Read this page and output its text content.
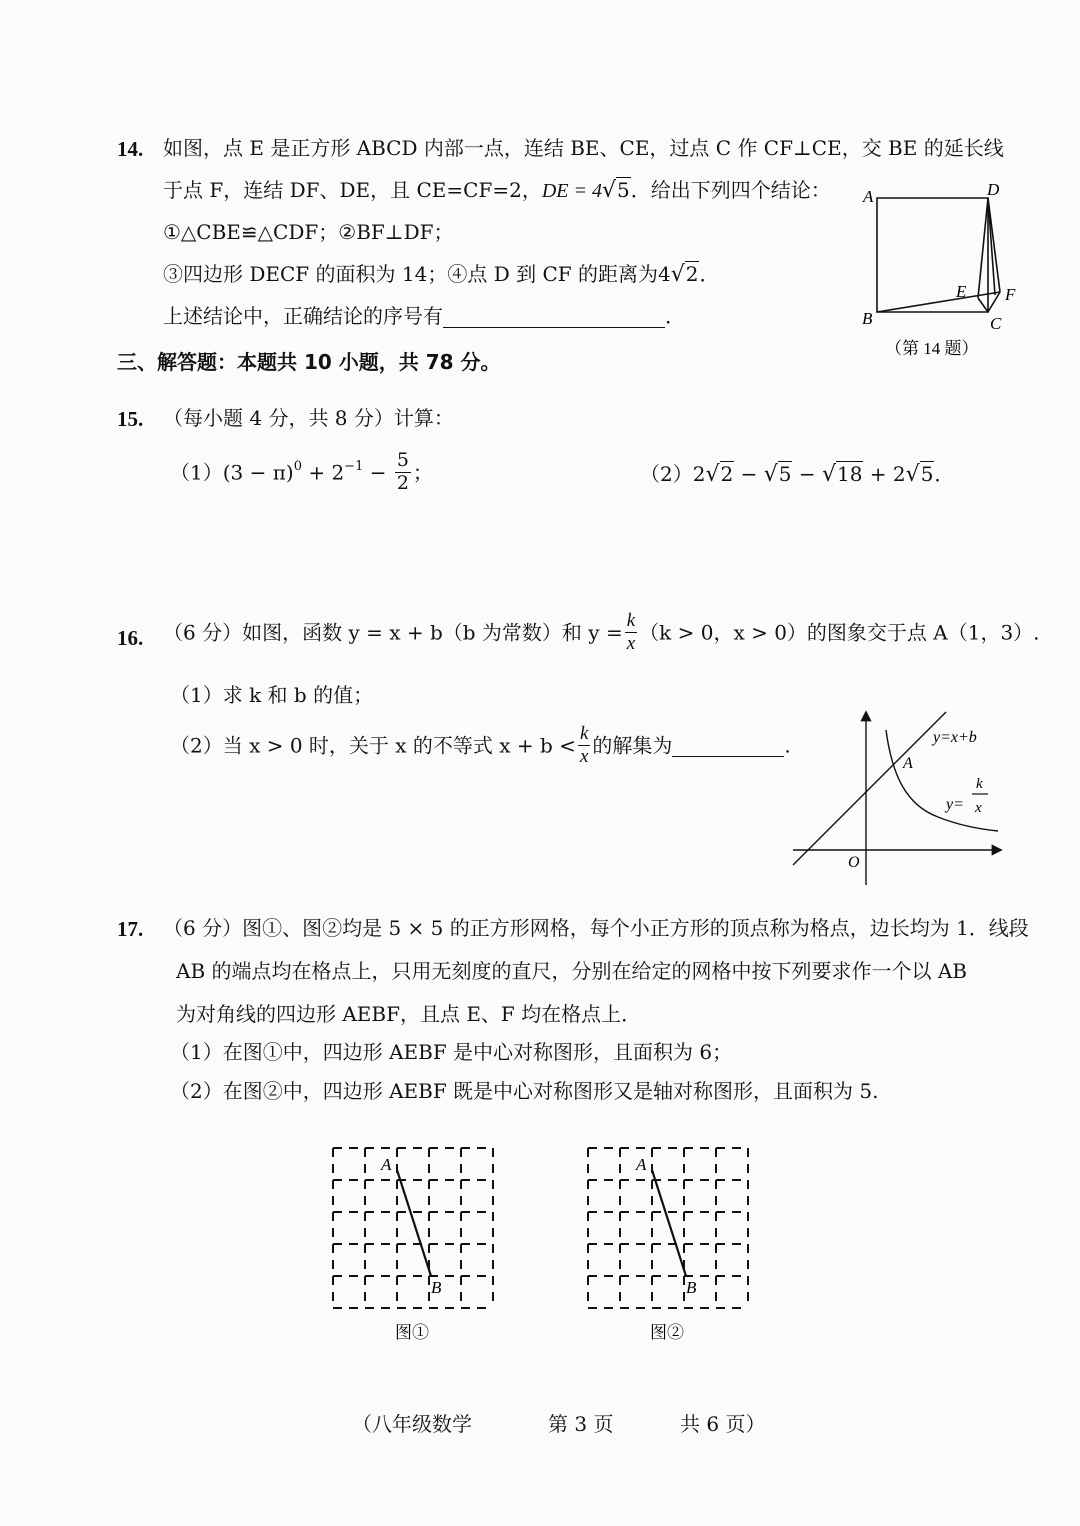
14. 如图，点 E 是正方形 ABCD 内部一点，连结 BE、CE，过点 C 作 CF⊥CE，交 BE 的延长线
于点 F，连结 DF、DE，且 CE=CF=2，DE = 4√5．给出下列四个结论：
①△CBE≌△CDF；②BF⊥DF；
③四边形 DECF 的面积为 14；④点 D 到 CF 的距离为4√2．
上述结论中，正确结论的序号有	．
A	D
B	C
E F
（第 14 题）
三、解答题：本题共 10 小题，共 78 分。
15. （每小题 4 分，共 8 分）计算：
$(1)(3 - \pi)^0 + 2^{-1} - \frac{5}{2}$ ；	（2）2√2 − √5 − √18 + 2√5．
16. （6 分）如图，函数 y = x + b（b 为常数）和 $y = \frac{k}{x} (k > 0$，x > 0）的图象交于点 A（1，3）.
（1）求 k 和 b 的值；
（2）当 x > 0 时，关于 x 的不等式 $x + b < \frac{k}{x}$ 的解集为	.	y=x+b
A
y=
k
x
O
17. （6 分）图①、图②均是 5 × 5 的正方形网格，每个小正方形的顶点称为格点，边长均为 1．线段
AB 的端点均在格点上，只用无刻度的直尺，分别在给定的网格中按下列要求作一个以 AB
为对角线的四边形 AEBF，且点 E、F 均在格点上．
（1）在图①中，四边形 AEBF 是中心对称图形，且面积为 6；
（2）在图②中，四边形 AEBF 既是中心对称图形又是轴对称图形，且面积为 5.
A
B
图①
A
B
图②
（八年级数学	第 3 页	共 6 页）
